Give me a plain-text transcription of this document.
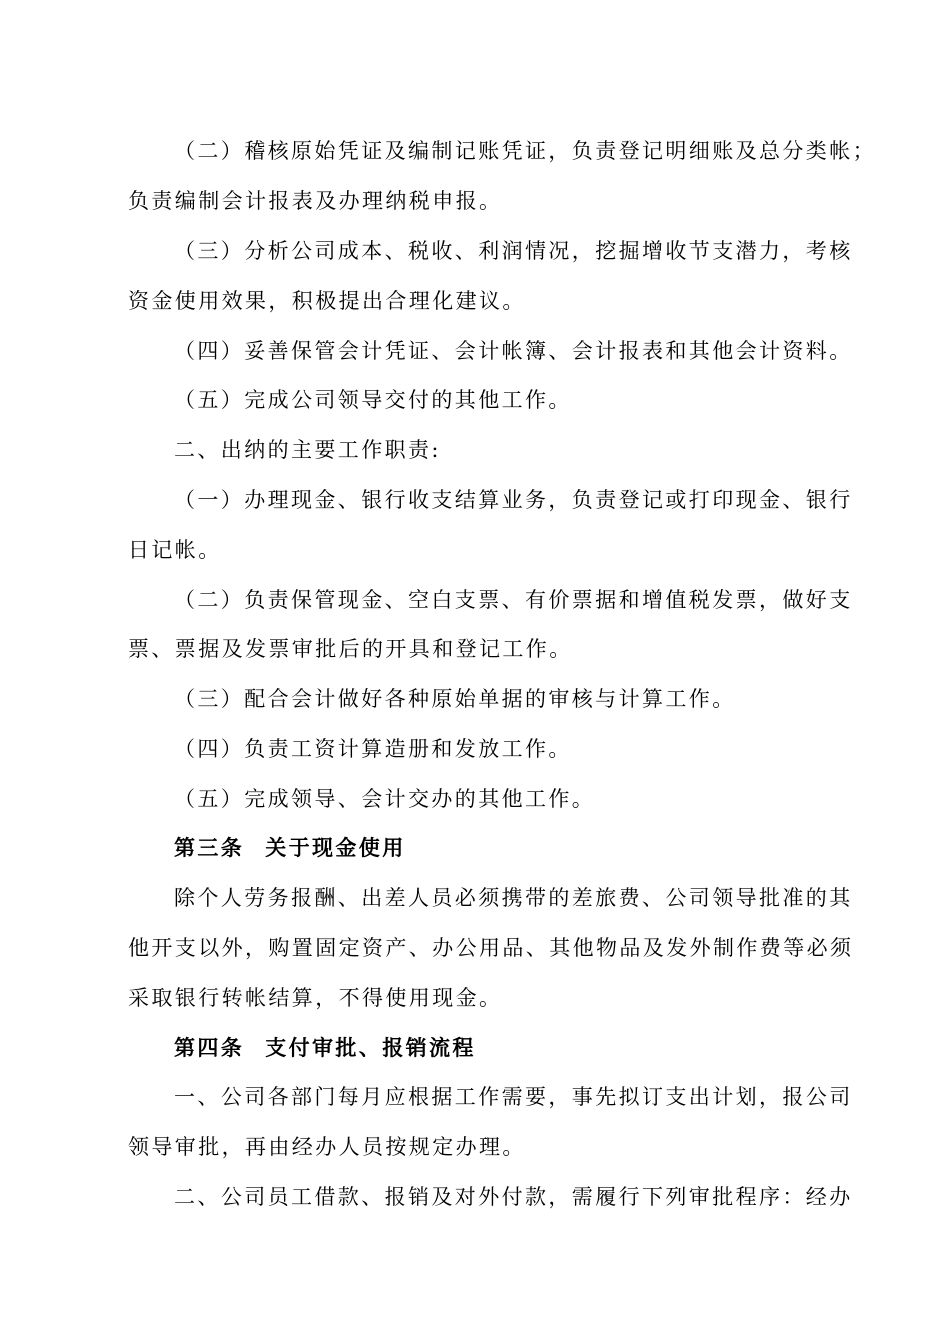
（二）稽核原始凭证及编制记账凭证，负责登记明细账及总分类帐；
负责编制会计报表及办理纳税申报。
（三）分析公司成本、税收、利润情况，挖掘增收节支潜力，考核
资金使用效果，积极提出合理化建议。
（四）妥善保管会计凭证、会计帐簿、会计报表和其他会计资料。
（五）完成公司领导交付的其他工作。
二、出纳的主要工作职责:
（一）办理现金、银行收支结算业务，负责登记或打印现金、银行
日记帐。
（二）负责保管现金、空白支票、有价票据和增值税发票，做好支
票、票据及发票审批后的开具和登记工作。
（三）配合会计做好各种原始单据的审核与计算工作。
（四）负责工资计算造册和发放工作。
（五）完成领导、会计交办的其他工作。
第三条 关于现金使用
除个人劳务报酬、出差人员必须携带的差旅费、公司领导批准的其
他开支以外，购置固定资产、办公用品、其他物品及发外制作费等必须
采取银行转帐结算，不得使用现金。
第四条 支付审批、报销流程
一、公司各部门每月应根据工作需要，事先拟订支出计划，报公司
领导审批，再由经办人员按规定办理。
二、公司员工借款、报销及对外付款，需履行下列审批程序：经办
